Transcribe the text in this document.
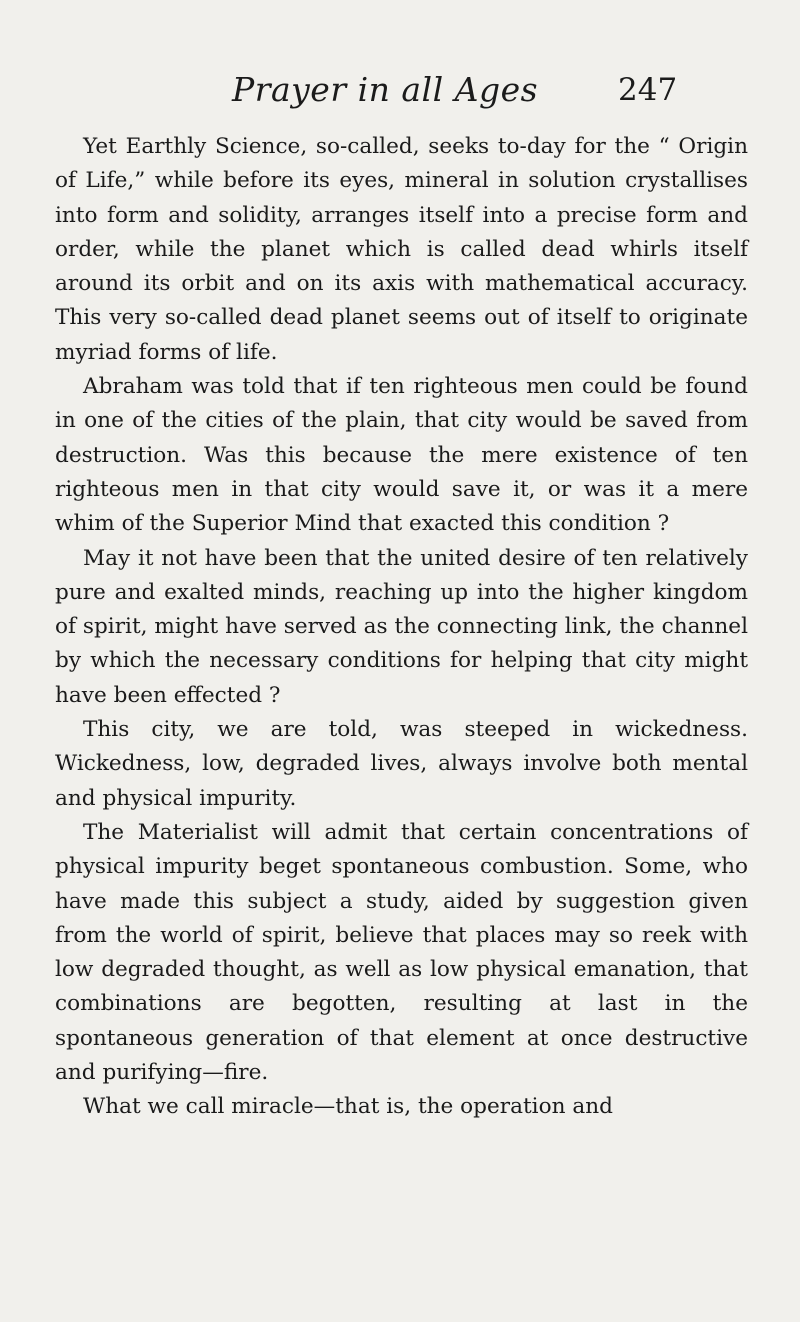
Prayer in all Ages	247

Yet Earthly Science, so-called, seeks to-day for the “ Origin of Life,” while before its eyes, mineral in solution crystallises into form and solidity, arranges itself into a precise form and order, while the planet which is called dead whirls itself around its orbit and on its axis with mathematical accuracy. This very so-called dead planet seems out of itself to originate myriad forms of life.

Abraham was told that if ten righteous men could be found in one of the cities of the plain, that city would be saved from destruction. Was this because the mere existence of ten righteous men in that city would save it, or was it a mere whim of the Superior Mind that exacted this condition ?

May it not have been that the united desire of ten relatively pure and exalted minds, reaching up into the higher kingdom of spirit, might have served as the connecting link, the channel by which the necessary conditions for helping that city might have been effected ?

This city, we are told, was steeped in wickedness. Wickedness, low, degraded lives, always involve both mental and physical impurity.

The Materialist will admit that certain concentrations of physical impurity beget spontaneous combustion. Some, who have made this subject a study, aided by suggestion given from the world of spirit, believe that places may so reek with low degraded thought, as well as low physical emanation, that combinations are begotten, resulting at last in the spontaneous generation of that element at once destructive and purifying—fire.

What we call miracle—that is, the operation and
